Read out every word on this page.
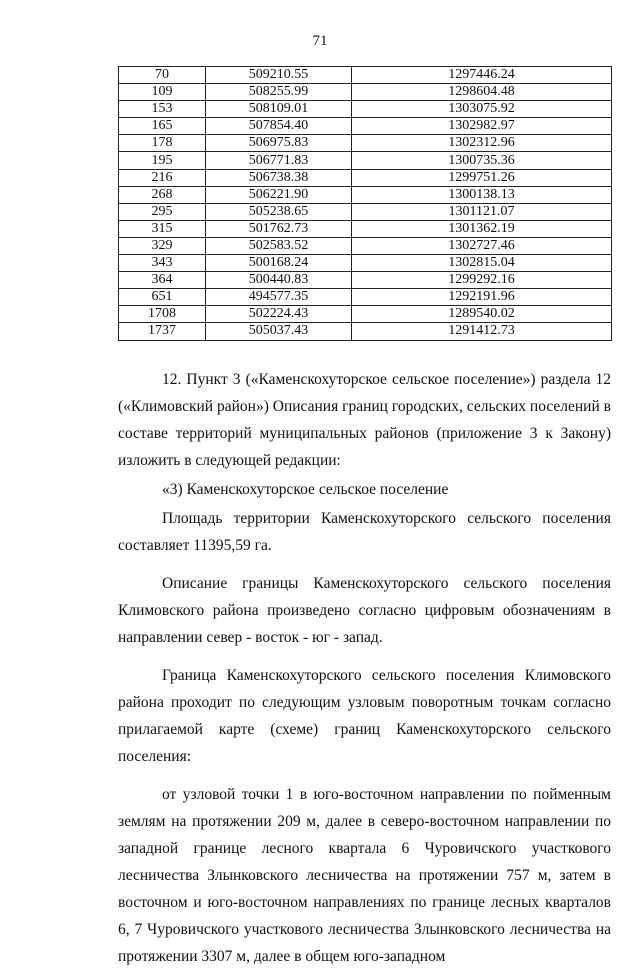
71
70	509210.55	1297446.24
109	508255.99	1298604.48
153	508109.01	1303075.92
165	507854.40	1302982.97
178	506975.83	1302312.96
195	506771.83	1300735.36
216	506738.38	1299751.26
268	506221.90	1300138.13
295	505238.65	1301121.07
315	501762.73	1301362.19
329	502583.52	1302727.46
343	500168.24	1302815.04
364	500440.83	1299292.16
651	494577.35	1292191.96
1708	502224.43	1289540.02
1737	505037.43	1291412.73

12. Пункт 3 («Каменскохуторское сельское поселение») раздела 12 («Климовский район») Описания границ городских, сельских поселений в составе территорий муниципальных районов (приложение 3 к Закону) изложить в следующей редакции:

«3) Каменскохуторское сельское поселение

Площадь территории Каменскохуторского сельского поселения составляет 11395,59 га.

Описание границы Каменскохуторского сельского поселения Климовского района произведено согласно цифровым обозначениям в направлении север - восток - юг - запад.

Граница Каменскохуторского сельского поселения Климовского района проходит по следующим узловым поворотным точкам согласно прилагаемой карте (схеме) границ Каменскохуторского сельского поселения:

от узловой точки 1 в юго-восточном направлении по пойменным землям на протяжении 209 м, далее в северо-восточном направлении по западной границе лесного квартала 6 Чуровичского участкового лесничества Злынковского лесничества на протяжении 757 м, затем в восточном и юго-восточном направлениях по границе лесных кварталов 6, 7 Чуровичского участкового лесничества Злынковского лесничества на протяжении 3307 м, далее в общем юго-западном
